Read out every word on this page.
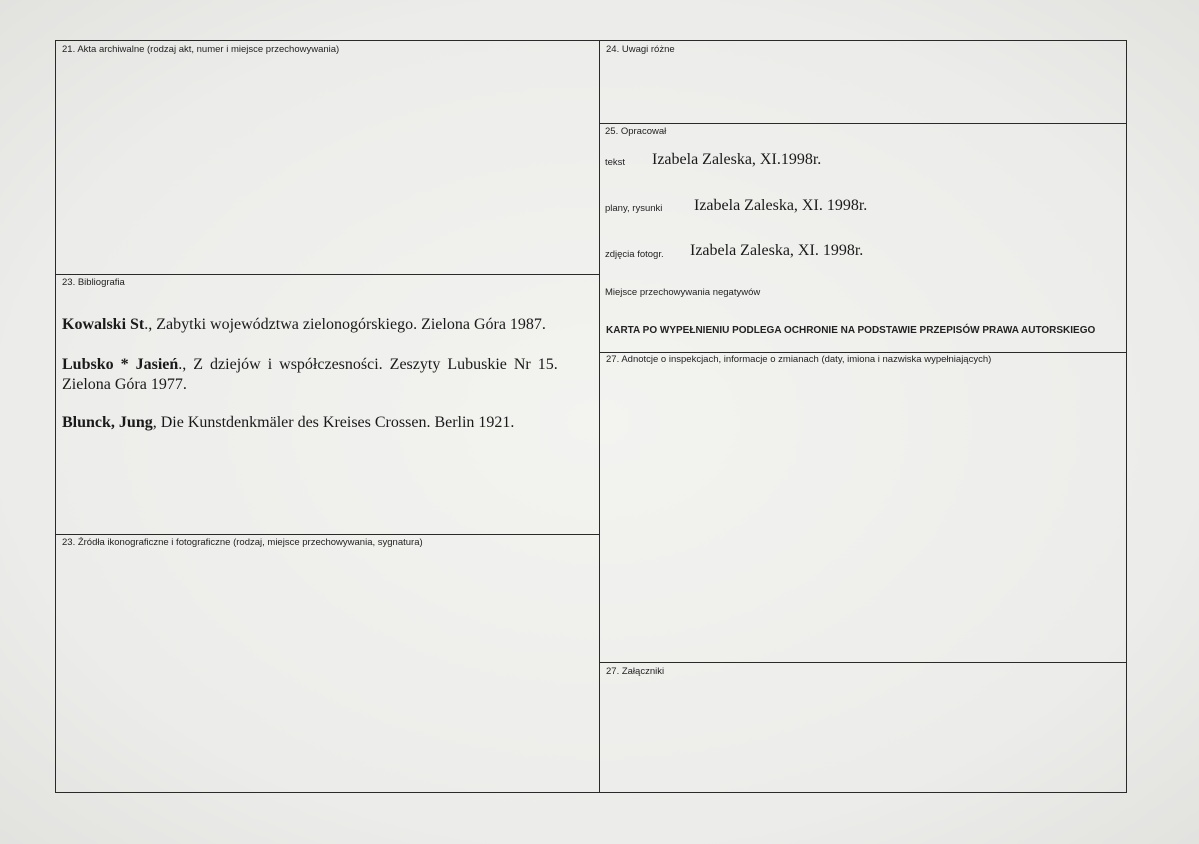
21. Akta archiwalne (rodzaj akt, numer i miejsce przechowywania)
23. Bibliografia
Kowalski St., Zabytki województwa zielonogórskiego. Zielona Góra 1987.
Lubsko * Jasień., Z dziejów i współczesności. Zeszyty Lubuskie Nr 15.
Zielona Góra 1977.
Blunck, Jung, Die Kunstdenkmäler des Kreises Crossen. Berlin 1921.
23. Źródła ikonograficzne i fotograficzne (rodzaj, miejsce przechowywania, sygnatura)
24. Uwagi różne
25. Opracował
tekst Izabela Zaleska, XI.1998r.
plany, rysunki Izabela Zaleska, XI. 1998r.
zdjęcia fotogr. Izabela Zaleska, XI. 1998r.
Miejsce przechowywania negatywów
KARTA PO WYPEŁNIENIU PODLEGA OCHRONIE NA PODSTAWIE PRZEPISÓW PRAWA AUTORSKIEGO
27. Adnotcje o inspekcjach, informacje o zmianach (daty, imiona i nazwiska wypełniających)
27. Załączniki
